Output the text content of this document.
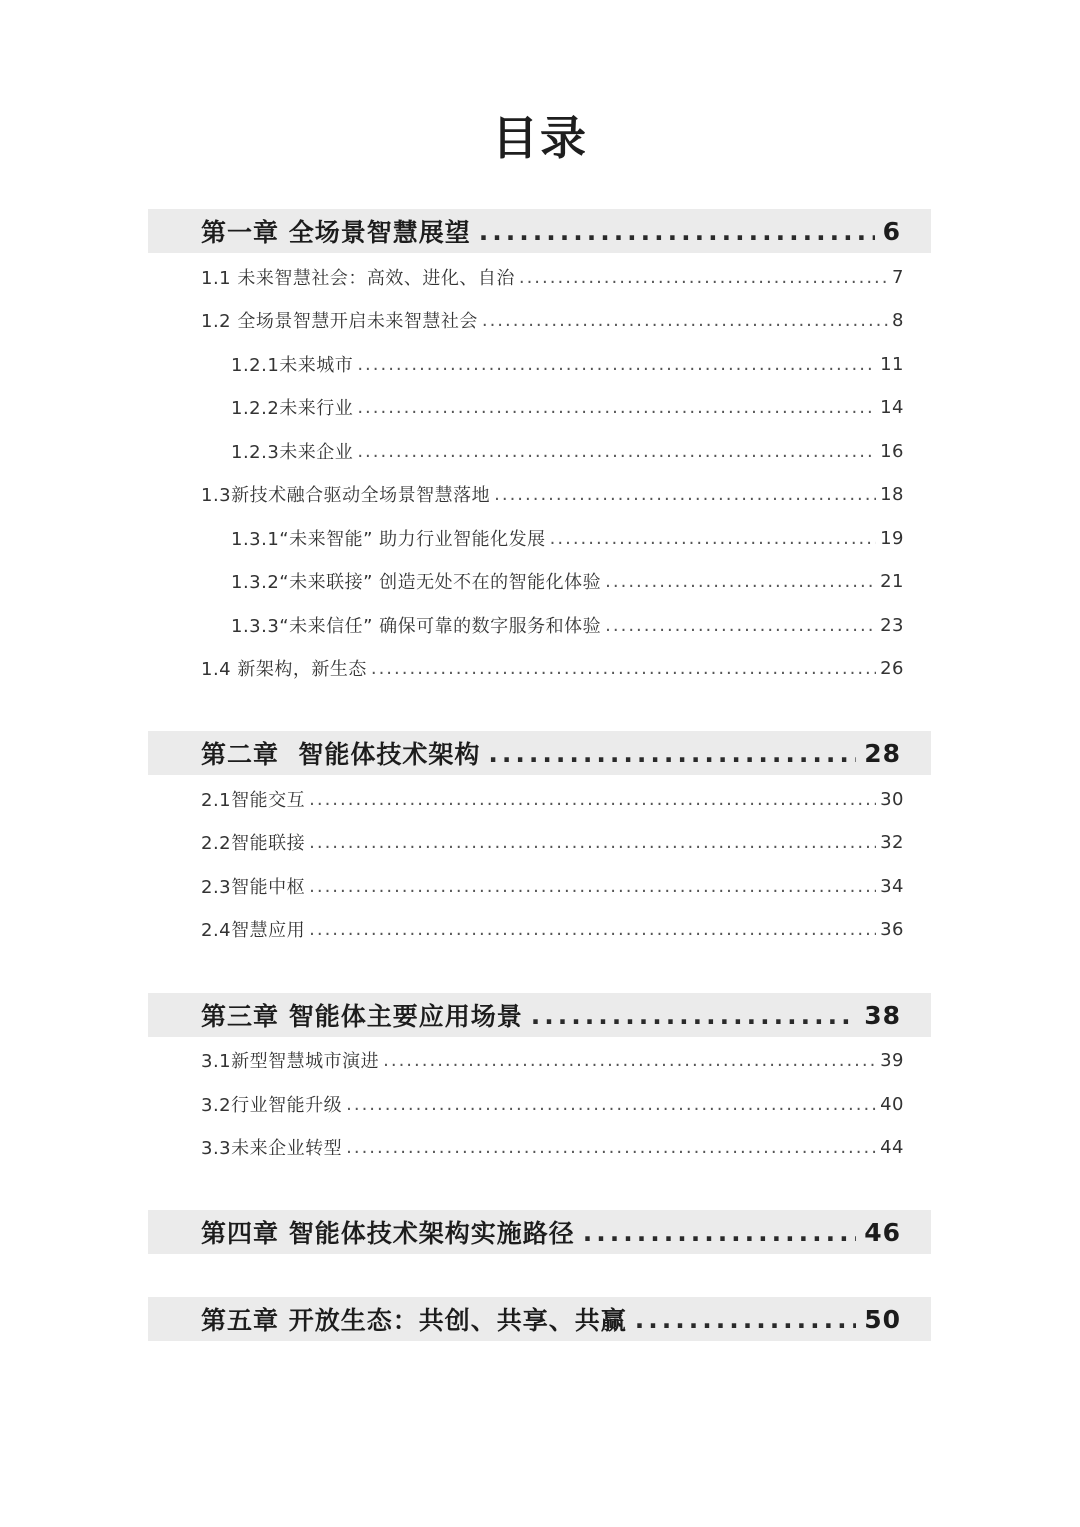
目录
第一章 全场景智慧展望 .....	6
1.1 未来智慧社会：高效、进化、自治 .....	7
1.2 全场景智慧开启未来智慧社会 .....	8
1.2.1未来城市 .....	11
1.2.2未来行业 .....	14
1.2.3未来企业 .....	16
1.3新技术融合驱动全场景智慧落地 .....	18
1.3.1“未来智能” 助力行业智能化发展 .....	19
1.3.2“未来联接” 创造无处不在的智能化体验 .....	21
1.3.3“未来信任” 确保可靠的数字服务和体验 .....	23
1.4 新架构，新生态 .....	26
第二章  智能体技术架构 .....	28
2.1智能交互 .....	30
2.2智能联接 .....	32
2.3智能中枢 .....	34
2.4智慧应用 .....	36
第三章 智能体主要应用场景 .....	38
3.1新型智慧城市演进 .....	39
3.2行业智能升级 .....	40
3.3未来企业转型 .....	44
第四章 智能体技术架构实施路径 .....	46
第五章 开放生态：共创、共享、共赢 .....	50
